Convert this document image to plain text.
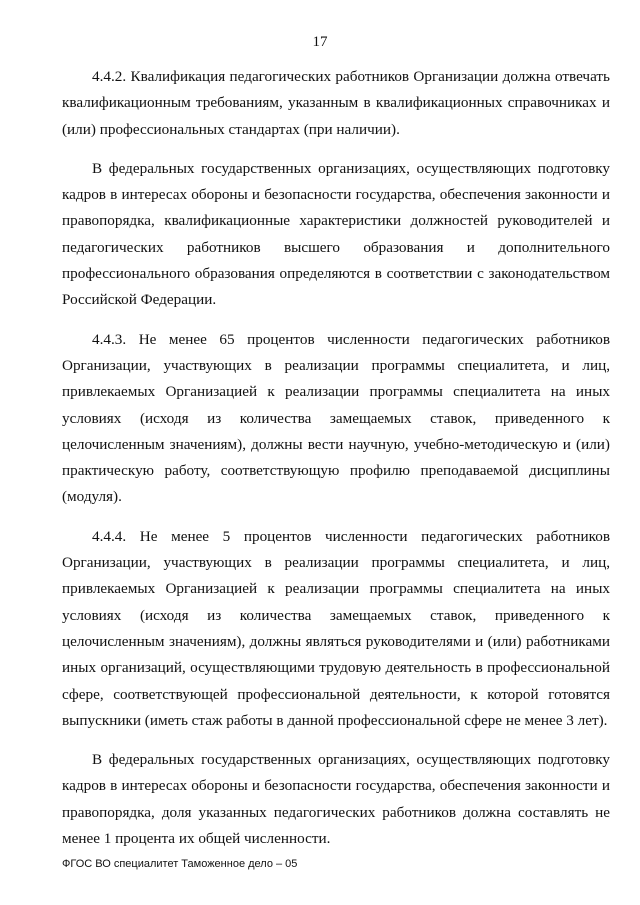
17

4.4.2. Квалификация педагогических работников Организации должна отвечать квалификационным требованиям, указанным в квалификационных справочниках и (или) профессиональных стандартах (при наличии).

В федеральных государственных организациях, осуществляющих подготовку кадров в интересах обороны и безопасности государства, обеспечения законности и правопорядка, квалификационные характеристики должностей руководителей и педагогических работников высшего образования и дополнительного профессионального образования определяются в соответствии с законодательством Российской Федерации.

4.4.3. Не менее 65 процентов численности педагогических работников Организации, участвующих в реализации программы специалитета, и лиц, привлекаемых Организацией к реализации программы специалитета на иных условиях (исходя из количества замещаемых ставок, приведенного к целочисленным значениям), должны вести научную, учебно-методическую и (или) практическую работу, соответствующую профилю преподаваемой дисциплины (модуля).

4.4.4. Не менее 5 процентов численности педагогических работников Организации, участвующих в реализации программы специалитета, и лиц, привлекаемых Организацией к реализации программы специалитета на иных условиях (исходя из количества замещаемых ставок, приведенного к целочисленным значениям), должны являться руководителями и (или) работниками иных организаций, осуществляющими трудовую деятельность в профессиональной сфере, соответствующей профессиональной деятельности, к которой готовятся выпускники (иметь стаж работы в данной профессиональной сфере не менее 3 лет).

В федеральных государственных организациях, осуществляющих подготовку кадров в интересах обороны и безопасности государства, обеспечения законности и правопорядка, доля указанных педагогических работников должна составлять не менее 1 процента их общей численности.

ФГОС ВО специалитет Таможенное дело – 05
